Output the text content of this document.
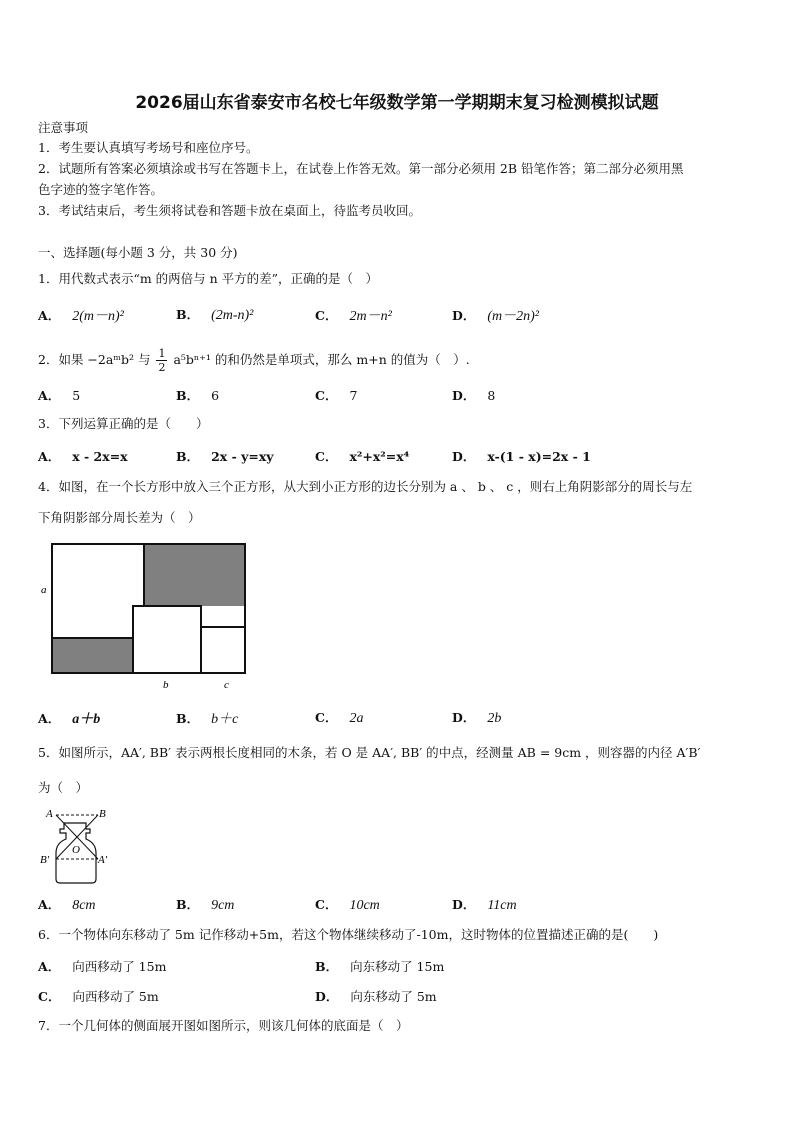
2026届山东省泰安市名校七年级数学第一学期期末复习检测模拟试题
注意事项
1．考生要认真填写考场号和座位序号。
2．试题所有答案必须填涂或书写在答题卡上，在试卷上作答无效。第一部分必须用 2B 铅笔作答；第二部分必须用黑
色字迹的签字笔作答。
3．考试结束后，考生须将试卷和答题卡放在桌面上，待监考员收回。
一、选择题(每小题 3 分，共 30 分)
1．用代数式表示“m 的两倍与 n 平方的差”，正确的是（　）
A． 2(m－n)²	B． (2m-n)²	C． 2m－n²	D． (m－2n)²
2．如果 −2aᵐb² 与 $\frac{1}{2} a^5b^{n+1}$ 的和仍然是单项式，那么 m+n 的值为（　）.
A． 5	B． 6	C． 7	D． 8
3．下列运算正确的是（　　）
A． x - 2x=x	B． 2x - y=xy	C． x²+x²=x⁴	D． x-(1 - x)=2x - 1
4．如图，在一个长方形中放入三个正方形，从大到小正方形的边长分别为 a 、 b 、 c ，则右上角阴影部分的周长与左
下角阴影部分周长差为（　）
a
b	c
A． a＋b	B． b＋c	C． 2a	D． 2b
5．如图所示，AA′, BB′ 表示两根长度相同的木条，若 O 是 AA′, BB′ 的中点，经测量 AB = 9cm ，则容器的内径 A′B′
为（　）
A	B
O
B′	A′
A． 8cm	B． 9cm	C． 10cm	D． 11cm
6．一个物体向东移动了 5m 记作移动+5m，若这个物体继续移动了-10m，这时物体的位置描述正确的是(　　)
A． 向西移动了 15m	B． 向东移动了 15m
C． 向西移动了 5m	D． 向东移动了 5m
7．一个几何体的侧面展开图如图所示，则该几何体的底面是（　）
